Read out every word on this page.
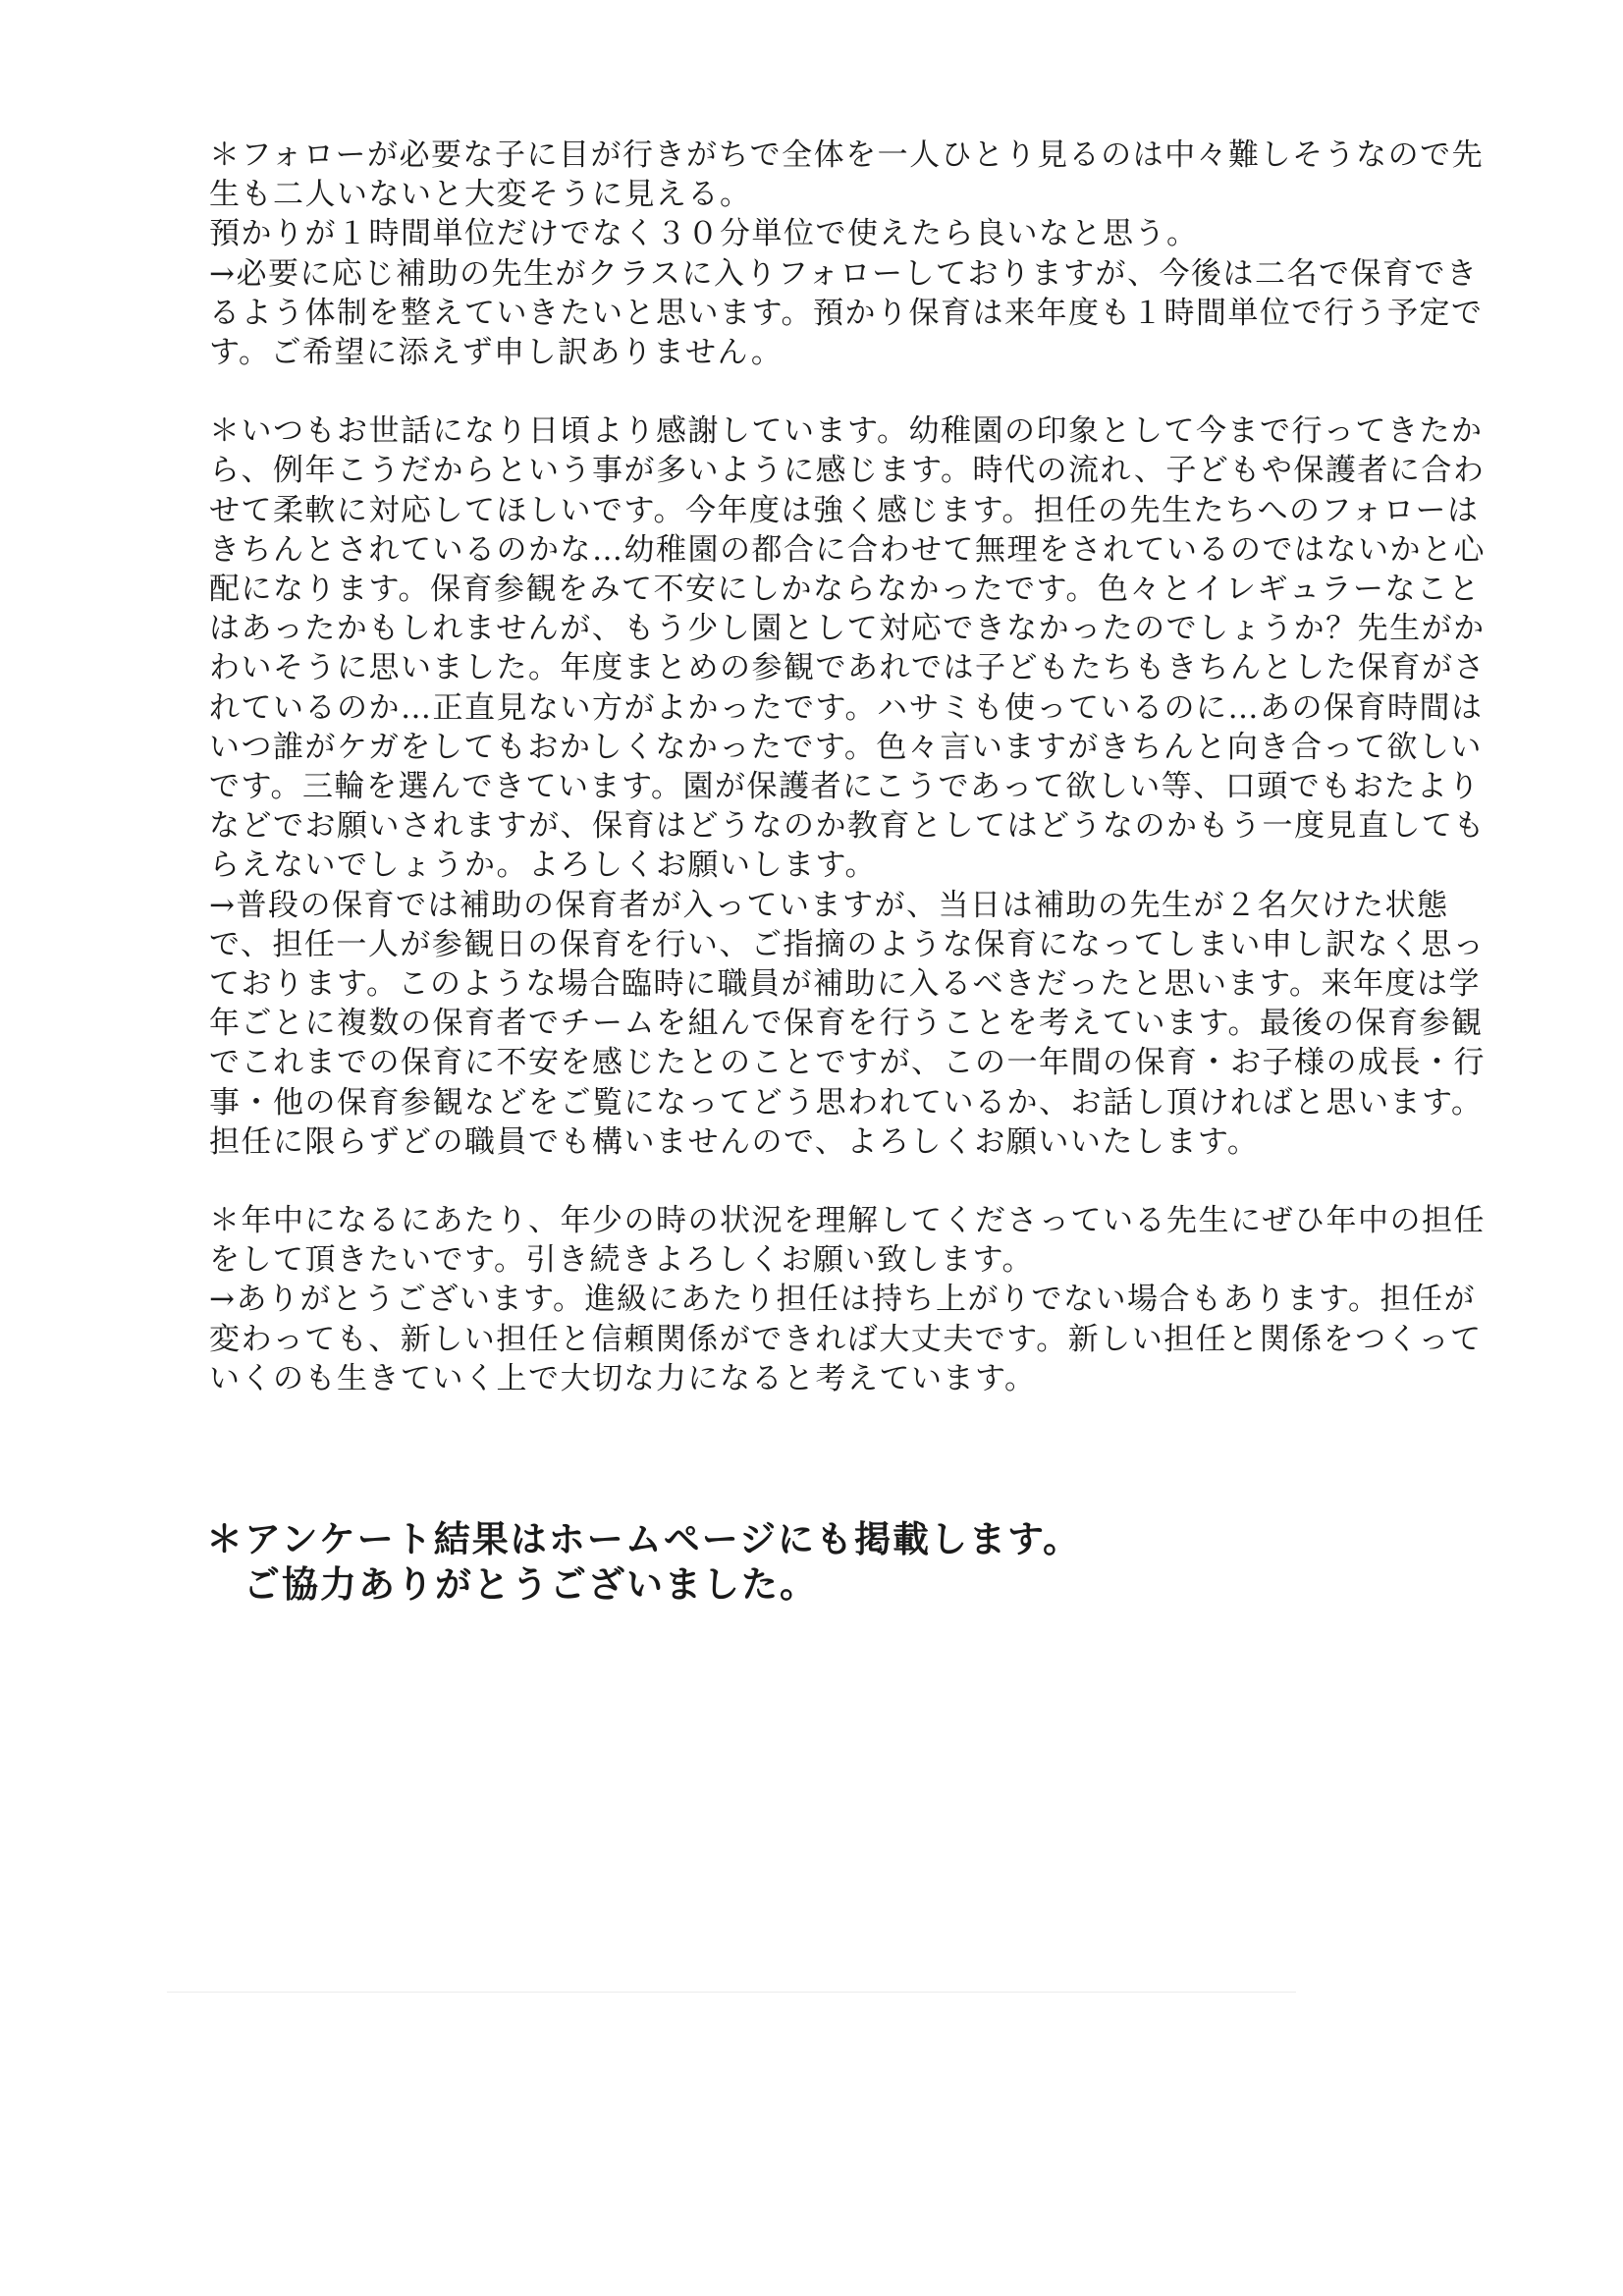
＊フォローが必要な子に目が行きがちで全体を一人ひとり見るのは中々難しそうなので先
生も二人いないと大変そうに見える。
預かりが１時間単位だけでなく３０分単位で使えたら良いなと思う。
→必要に応じ補助の先生がクラスに入りフォローしておりますが、今後は二名で保育でき
るよう体制を整えていきたいと思います。預かり保育は来年度も１時間単位で行う予定で
す。ご希望に添えず申し訳ありません。
＊いつもお世話になり日頃より感謝しています。幼稚園の印象として今まで行ってきたか
ら、例年こうだからという事が多いように感じます。時代の流れ、子どもや保護者に合わ
せて柔軟に対応してほしいです。今年度は強く感じます。担任の先生たちへのフォローは
きちんとされているのかな…幼稚園の都合に合わせて無理をされているのではないかと心
配になります。保育参観をみて不安にしかならなかったです。色々とイレギュラーなこと
はあったかもしれませんが、もう少し園として対応できなかったのでしょうか？先生がか
わいそうに思いました。年度まとめの参観であれでは子どもたちもきちんとした保育がさ
れているのか…正直見ない方がよかったです。ハサミも使っているのに…あの保育時間は
いつ誰がケガをしてもおかしくなかったです。色々言いますがきちんと向き合って欲しい
です。三輪を選んできています。園が保護者にこうであって欲しい等、口頭でもおたより
などでお願いされますが、保育はどうなのか教育としてはどうなのかもう一度見直しても
らえないでしょうか。よろしくお願いします。
→普段の保育では補助の保育者が入っていますが、当日は補助の先生が２名欠けた状態
で、担任一人が参観日の保育を行い、ご指摘のような保育になってしまい申し訳なく思っ
ております。このような場合臨時に職員が補助に入るべきだったと思います。来年度は学
年ごとに複数の保育者でチームを組んで保育を行うことを考えています。最後の保育参観
でこれまでの保育に不安を感じたとのことですが、この一年間の保育・お子様の成長・行
事・他の保育参観などをご覧になってどう思われているか、お話し頂ければと思います。
担任に限らずどの職員でも構いませんので、よろしくお願いいたします。
＊年中になるにあたり、年少の時の状況を理解してくださっている先生にぜひ年中の担任
をして頂きたいです。引き続きよろしくお願い致します。
→ありがとうございます。進級にあたり担任は持ち上がりでない場合もあります。担任が
変わっても、新しい担任と信頼関係ができれば大丈夫です。新しい担任と関係をつくって
いくのも生きていく上で大切な力になると考えています。
＊アンケート結果はホームページにも掲載します。
ご協力ありがとうございました。
